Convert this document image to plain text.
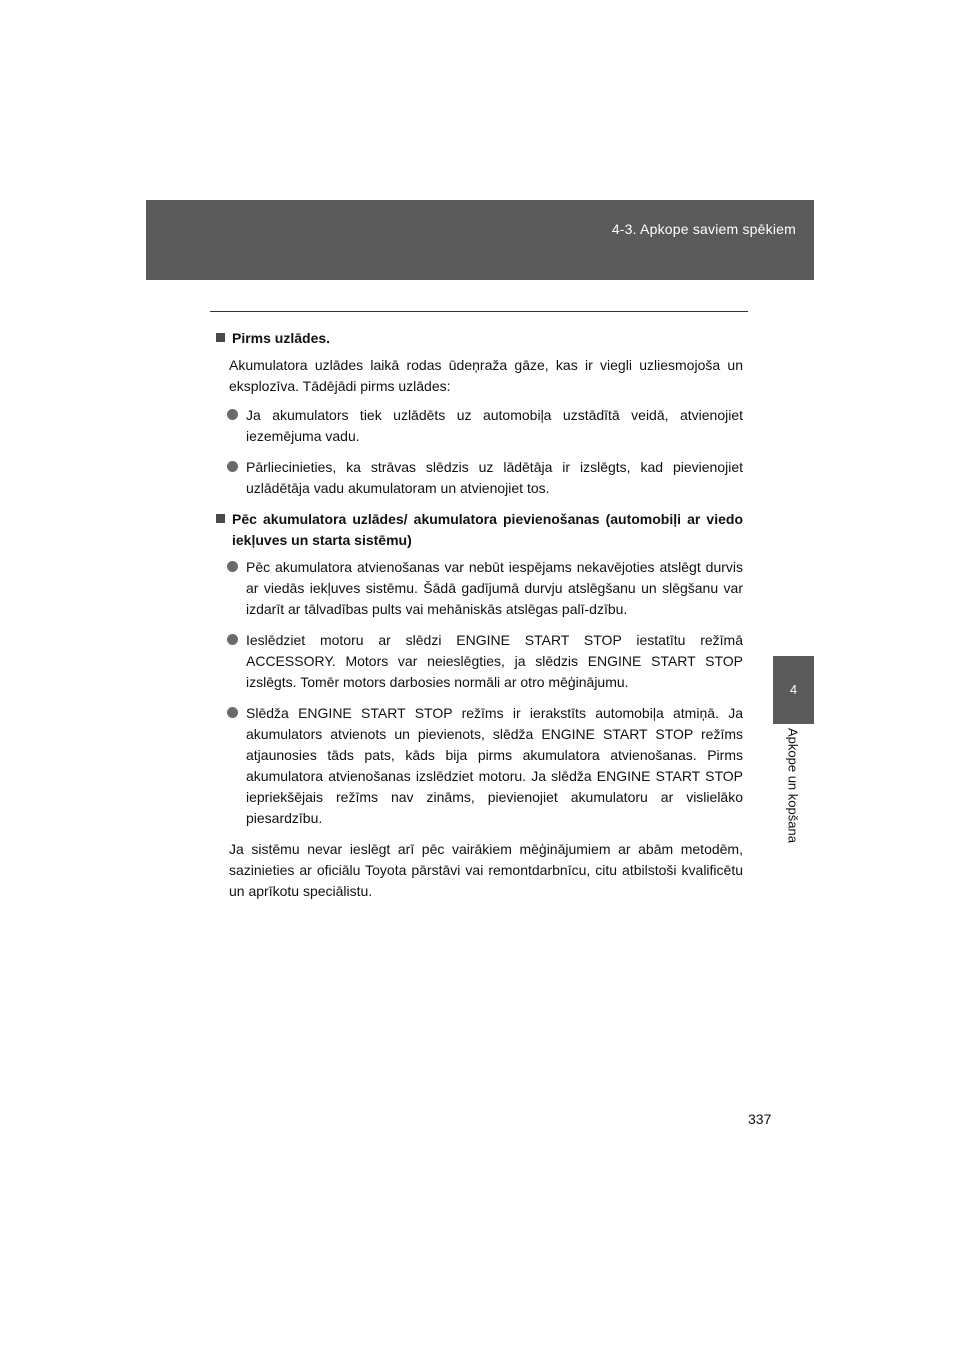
4-3. Apkope saviem spēkiem
4
Apkope un kopšana
Pirms uzlādes.

Akumulatora uzlādes laikā rodas ūdeņraža gāze, kas ir viegli uzliesmojoša un eksplozīva. Tādējādi pirms uzlādes:

Ja akumulators tiek uzlādēts uz automobiļa uzstādītā veidā, atvienojiet iezemējuma vadu.
Pārliecinieties, ka strāvas slēdzis uz lādētāja ir izslēgts, kad pievienojiet uzlādētāja vadu akumulatoram un atvienojiet tos.
Pēc akumulatora uzlādes/ akumulatora pievienošanas (automobiļi ar viedo iekļuves un starta sistēmu)
Pēc akumulatora atvienošanas var nebūt iespējams nekavējoties atslēgt durvis ar viedās iekļuves sistēmu. Šādā gadījumā durvju atslēgšanu un slēgšanu var izdarīt ar tālvadības pults vai mehāniskās atslēgas palī-dzību.
Ieslēdziet motoru ar slēdzi ENGINE START STOP iestatītu režīmā ACCESSORY. Motors var neieslēgties, ja slēdzis ENGINE START STOP izslēgts. Tomēr motors darbosies normāli ar otro mēģinājumu.
Slēdža ENGINE START STOP režīms ir ierakstīts automobiļa atmiņā. Ja akumulators atvienots un pievienots, slēdža ENGINE START STOP režīms atjaunosies tāds pats, kāds bija pirms akumulatora atvienošanas. Pirms akumulatora atvienošanas izslēdziet motoru. Ja slēdža ENGINE START STOP iepriekšējais režīms nav zināms, pievienojiet akumulatoru ar vislielāko piesardzību.

Ja sistēmu nevar ieslēgt arī pēc vairākiem mēģinājumiem ar abām metodēm, sazinieties ar oficiālu Toyota pārstāvi vai remontdarbnīcu, citu atbilstoši kvalificētu un aprīkotu speciālistu.

337
